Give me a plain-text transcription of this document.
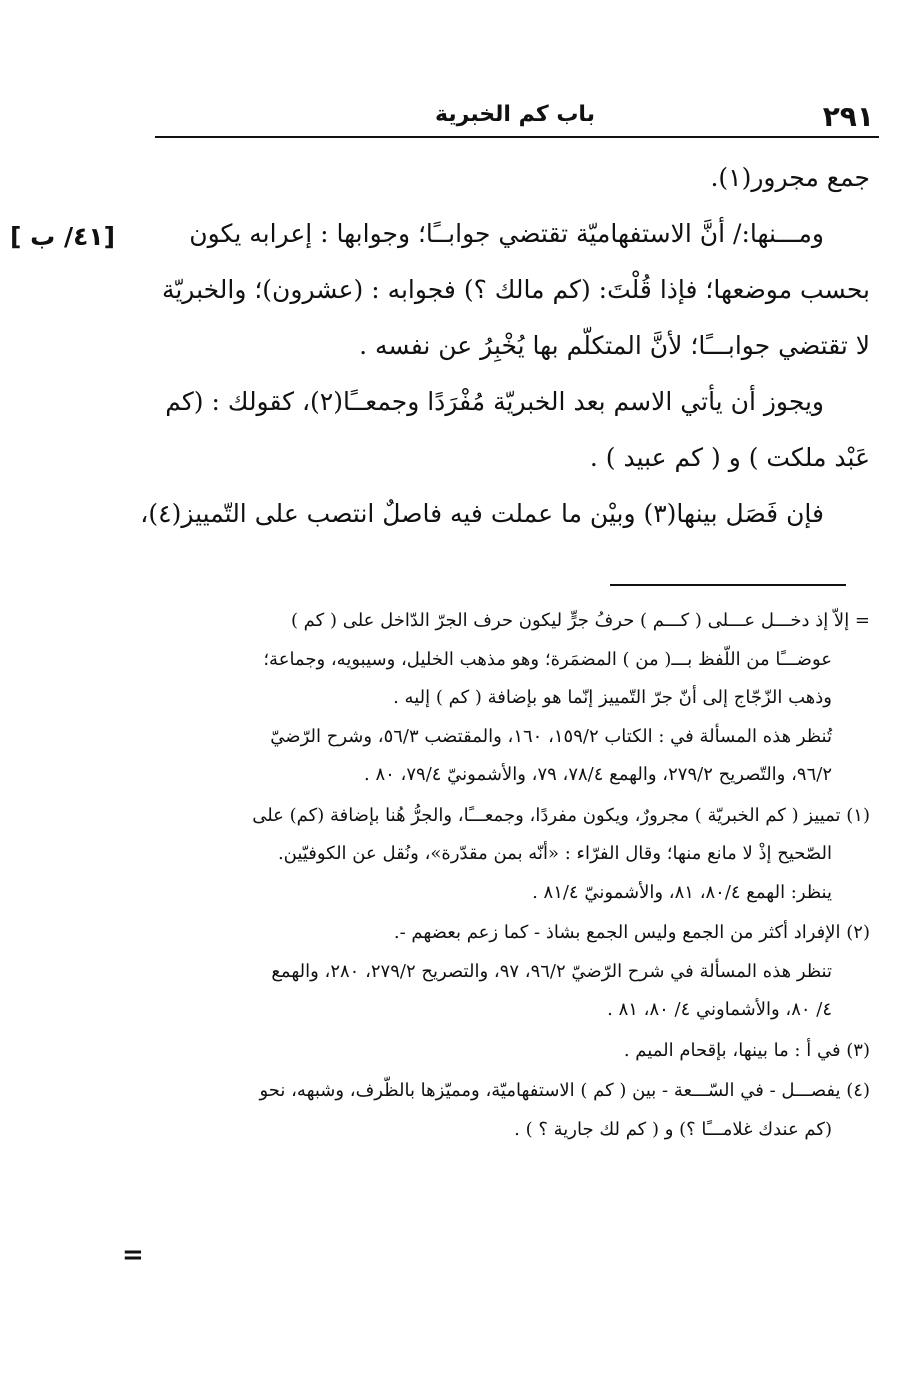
٢٩١
باب كم الخبرية
[ ٤١/ ب]
جمع مجرور(١).
ومـــنها:/ أنَّ الاستفهاميّة تقتضي جوابــًا؛ وجوابها : إعرابه يكون
بحسب موضعها؛ فإذا قُلْتَ: (كم مالك ؟) فجوابه : (عشرون)؛ والخبريّة
لا تقتضي جوابـــًا؛ لأنَّ المتكلّم بها يُخْبِرُ عن نفسه .
ويجوز أن يأتي الاسم بعد الخبريّة مُفْرَدًا وجمعــًا(٢)، كقولك : (كم
عَبْد ملكت ) و ( كم عبيد ) .
فإن فَصَل بينها(٣) وبيْن ما عملت فيه فاصلٌ انتصب على التّمييز(٤)،
= إلاّ إذ دخـــل عـــلى ( كـــم ) حرفُ جرٍّ ليكون حرف الجرّ الدّاخل على ( كم )
عوضـــًا من اللّفظ بـــ( من ) المضمَرة؛ وهو مذهب الخليل، وسيبويه، وجماعة؛
وذهب الزّجّاج إلى أنّ جرّ التّمييز إنّما هو بإضافة ( كم ) إليه .
تُنظر هذه المسألة في : الكتاب ١٥٩/٢، ١٦٠، والمقتضب ٥٦/٣، وشرح الرّضيّ
٩٦/٢، والتّصريح ٢٧٩/٢، والهمع ٧٨/٤، ٧٩، والأشمونيّ ٧٩/٤، ٨٠ .
(١) تمييز ( كم الخبريّة ) مجرورٌ، ويكون مفردًا، وجمعـــًا، والجرُّ هُنا بإضافة (كم) على
الصّحيح إذْ لا مانع منها؛ وقال الفرّاء : «أنّه بمن مقدّرة»، ونُقل عن الكوفيّين.
ينظر: الهمع ٨٠/٤، ٨١، والأشمونيّ ٨١/٤ .
(٢) الإفراد أكثر من الجمع وليس الجمع بشاذ - كما زعم بعضهم -.
تنظر هذه المسألة في شرح الرّضيّ ٩٦/٢، ٩٧، والتصريح ٢٧٩/٢، ٢٨٠، والهمع
٤/ ٨٠، والأشماوني ٤/ ٨٠، ٨١ .
(٣) في أ : ما بينها، بإقحام الميم .
(٤) يفصـــل - في السّـــعة - بين ( كم ) الاستفهاميّة، ومميّزها بالظّرف، وشبهه، نحو
(كم عندك غلامـــًا ؟) و ( كم لك جارية ؟ ) .
=
